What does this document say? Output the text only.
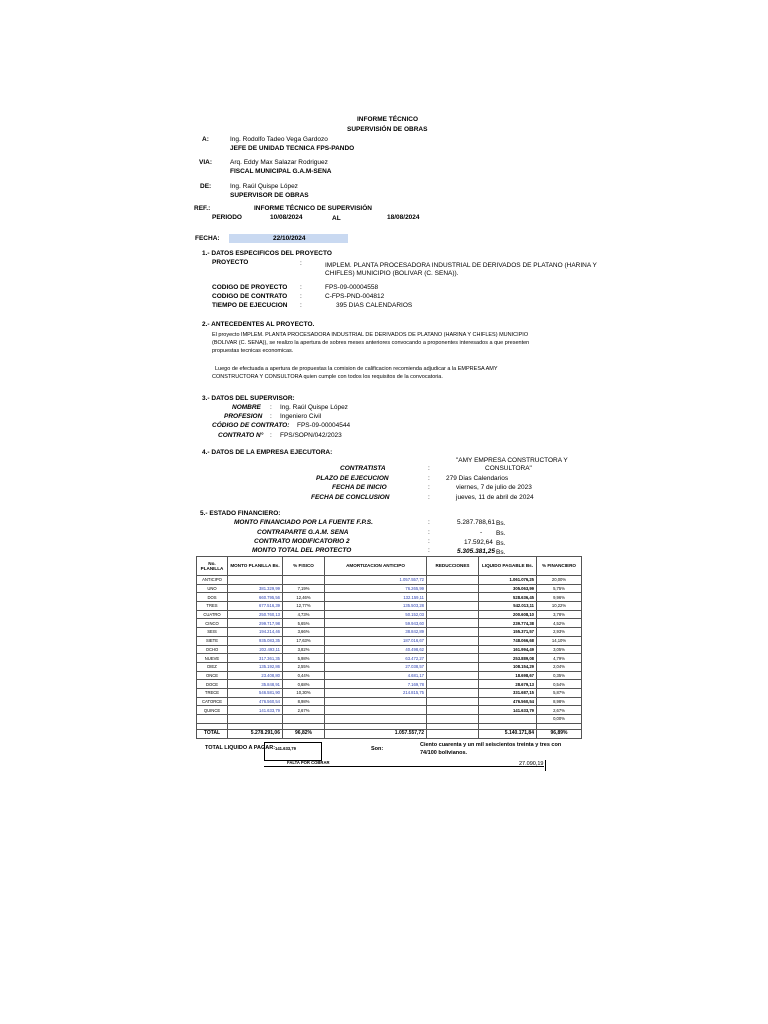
INFORME TÉCNICO
SUPERVISIÓN DE OBRAS
A:	Ing. Rodolfo Tadeo Vega Gardozo
JEFE DE UNIDAD TECNICA FPS-PANDO
VIA:	Arq. Eddy Max Salazar Rodriguez
FISCAL MUNICIPAL G.A.M-SENA
DE:	Ing. Raúl Quispe López
SUPERVISOR DE OBRAS
REF.:	INFORME TÉCNICO DE SUPERVISIÓN
PERIODO	10/08/2024	AL	18/08/2024
FECHA:	22/10/2024
1.- DATOS ESPECIFICOS DEL PROYECTO
PROYECTO	:	IMPLEM. PLANTA PROCESADORA INDUSTRIAL DE DERIVADOS DE PLATANO (HARINA Y
CHIFLES) MUNICIPIO (BOLIVAR (C. SENA)).
CODIGO DE PROYECTO :	FPS-09-00004558
CODIGO DE CONTRATO :	C-FPS-PND-004812
TIEMPO DE EJECUCION :	395 DIAS CALENDARIOS
2.- ANTECEDENTES AL PROYECTO.
El proyecto IMPLEM. PLANTA PROCESADORA INDUSTRIAL DE DERIVADOS DE PLATANO (HARINA Y CHIFLES) MUNICIPIO
(BOLIVAR (C. SENA)), se realizo la apertura de sobres meses anteriores convocando a proponentes interesados a que presenten
propuestas tecnicas economicas.
Luego de efectuada a apertura de propuestas la comision de calificacion recomienda adjudicar a la EMPRESA AMY
CONSTRUCTORA Y CONSULTORA quien cumple con todos los requisitos de la convocatoria.
3.- DATOS DEL SUPERVISOR:
NOMBRE : Ing. Raúl Quispe López
PROFESION : Ingeniero Civil
CÓDIGO DE CONTRATO: FPS-09-00004544
CONTRATO N° : FPS/SOPN/042/2023
4.- DATOS DE LA EMPRESA EJECUTORA:
"AMY EMPRESA CONSTRUCTORA Y
CONSULTORA"
CONTRATISTA	:
PLAZO DE EJECUCION	: 279 Dias Calendarios
FECHA DE INICIO	:	viernes, 7 de julio de 2023
FECHA DE CONCLUSION	:	jueves, 11 de abril de 2024
5.- ESTADO FINANCIERO:
MONTO FINANCIADO POR LA FUENTE F.P.S.	:	5.287.788,61 Bs.
CONTRAPARTE G.A.M. SENA	:	- Bs.
CONTRATO MODIFICATORIO 2	:	17.592,64 Bs.
MONTO TOTAL DEL PROTECTO	:	5.305.381,25 Bs.
No. PLANILLA	MONTO PLANILLA Bs.	% FISICO	AMORTIZACION ANTICIPO	REDUCCIONES	LIQUIDO PAGABLE Bs.	% FINANCIERO
ANTICIPO			1.057.557,72		1.061.076,25	20,00%
UNO	381.329,99	7,19%	76.265,99		305.063,99	5,75%
DOS	660.795,56	12,46%	132.159,11		528.636,45	9,96%
TRES	677.516,39	12,77%	135.503,28		542.013,11	10,22%
CUATRO	250.760,13	4,73%	50.152,03		200.608,10	3,78%
CINCO	299.717,98	5,65%	59.943,60		239.774,38	4,52%
SEIS	194.214,46	3,66%	38.842,89		155.371,57	2,93%
SIETE	935.083,35	17,63%	187.016,67		748.066,68	14,10%
OCHO	202.493,11	3,82%	40.498,62		161.994,49	3,05%
NUEVE	317.361,35	5,98%	63.472,27		253.889,08	4,79%
DIEZ	135.192,86	2,55%	27.038,57		108.154,29	2,04%
ONCE	23.408,80	0,44%	4.681,17		18.698,67	0,35%
DOCE	35.848,91	0,68%	7.169,78		28.679,13	0,54%
TRECE	546.581,90	10,30%	214.815,75		331.687,15	5,87%
CATORCE	476.560,54	8,98%			476.560,54	8,98%
QUINCE	141.633,79	2,67%			141.633,79	2,67%
						0,00%

TOTAL	5.278.291,06	96,82%	1.057.557,72		5.140.171,84	96,89%
TOTAL LIQUIDO A PAGAR: 141.633,79	Son:
Ciento cuarenta y un mil seiscientos treinta y tres con
74/100 bolivianos.
FALTA POR COBRAR	27.090,19
